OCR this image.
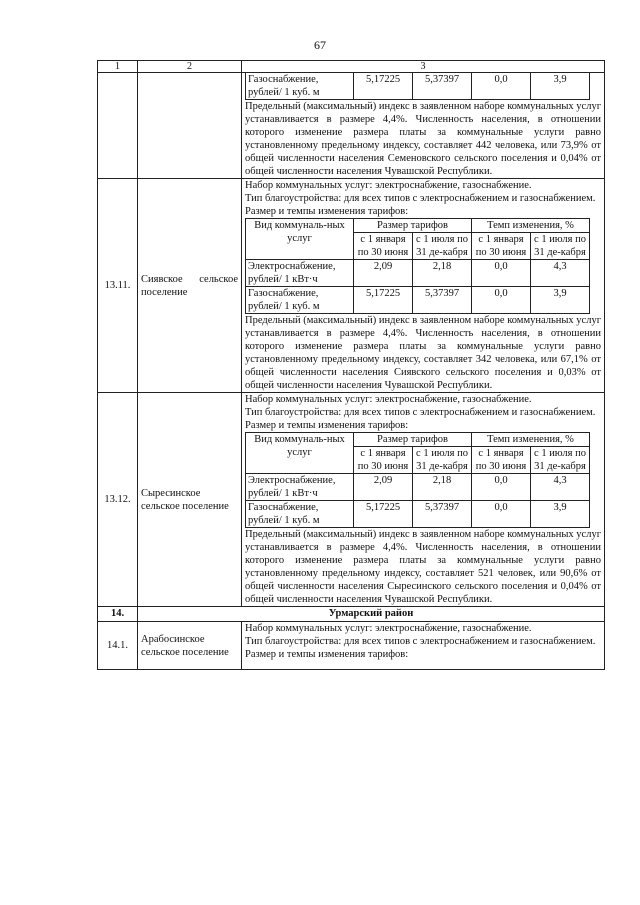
67
1	2	3

Газоснабжение, рублей/ 1 куб. м	5,17225	5,37397	0,0	3,9
Предельный (максимальный) индекс в заявленном наборе коммунальных услуг устанавливается в размере 4,4%. Численность населения, в отношении которого изменение размера платы за коммунальные услуги равно установленному предельному индексу, составляет 442 человека, или 73,9% от общей численности населения Семеновского сельского поселения и 0,04% от общей численности населения Чувашской Республики.

13.11.	Сиявское сельское поселение	
Набор коммунальных услуг: электроснабжение, газоснабжение.
Тип благоустройства: для всех типов с электроснабжением и газоснабжением.
Размер и темпы изменения тарифов:
Вид коммуналь-ных услуг	Размер тарифов	Темп изменения, %
с 1 января по 30 июня	с 1 июля по 31 де-кабря	с 1 января по 30 июня	с 1 июля по 31 де-кабря
Электроснабжение, рублей/ 1 кВт·ч	2,09	2,18	0,0	4,3
Газоснабжение, рублей/ 1 куб. м	5,17225	5,37397	0,0	3,9
Предельный (максимальный) индекс в заявленном наборе коммунальных услуг устанавливается в размере 4,4%. Численность населения, в отношении которого изменение размера платы за коммунальные услуги равно установленному предельному индексу, составляет 342 человека, или 67,1% от общей численности населения Сиявского сельского поселения и 0,03% от общей численности населения Чувашской Республики.

13.12.	Сыресинское сельское поселение	
Набор коммунальных услуг: электроснабжение, газоснабжение.
Тип благоустройства: для всех типов с электроснабжением и газоснабжением.
Размер и темпы изменения тарифов:
Вид коммуналь-ных услуг	Размер тарифов	Темп изменения, %
с 1 января по 30 июня	с 1 июля по 31 де-кабря	с 1 января по 30 июня	с 1 июля по 31 де-кабря
Электроснабжение, рублей/ 1 кВт·ч	2,09	2,18	0,0	4,3
Газоснабжение, рублей/ 1 куб. м	5,17225	5,37397	0,0	3,9
Предельный (максимальный) индекс в заявленном наборе коммунальных услуг устанавливается в размере 4,4%. Численность населения, в отношении которого изменение размера платы за коммунальные услуги равно установленному предельному индексу, составляет 521 человек, или 90,6% от общей численности населения Сыресинского сельского поселения и 0,04% от общей численности населения Чувашской Республики.

14.	Урмарский район
14.1.	Арабосинское сельское поселение	
Набор коммунальных услуг: электроснабжение, газоснабжение.
Тип благоустройства: для всех типов с электроснабжением и газоснабжением.
Размер и темпы изменения тарифов:
